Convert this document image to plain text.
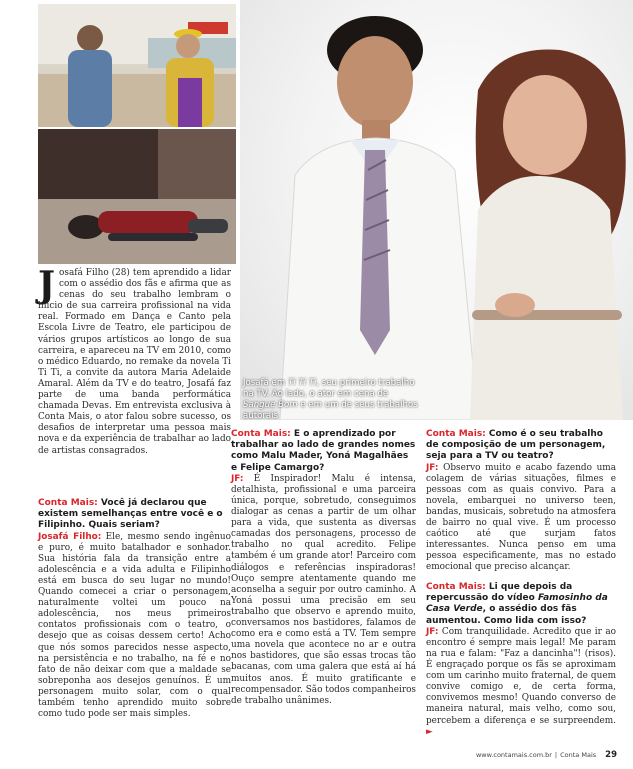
Josafá em Ti Ti Ti, seu primeiro trabalho na TV. Ao lado, o ator em cena de Sangue Bom e em um de seus trabalhos autorais

Josafá Filho (28) tem aprendido a lidar com o assédio dos fãs e afirma que as cenas do seu trabalho lembram o início de sua carreira profissional na vida real. Formado em Dança e Canto pela Escola Livre de Teatro, ele participou de vários grupos artísticos ao longo de sua carreira, e apareceu na TV em 2010, como o médico Eduardo, no remake da novela Ti Ti Ti, a convite da autora Maria Adelaide Amaral. Além da TV e do teatro, Josafá faz parte de uma banda performática chamada Devas. Em entrevista exclusiva à Conta Mais, o ator falou sobre sucesso, os desafios de interpretar uma pessoa mais nova e da experiência de trabalhar ao lado de artistas consagrados.

Conta Mais: Você já declarou que existem semelhanças entre você e o Filipinho. Quais seriam?

Josafá Filho: Ele, mesmo sendo ingênuo e puro, é muito batalhador e sonhador. Sua história fala da transição entre a adolescência e a vida adulta e Filipinho está em busca do seu lugar no mundo! Quando comecei a criar o personagem, naturalmente voltei um pouco na adolescência, nos meus primeiros contatos profissionais com o teatro, o desejo que as coisas dessem certo! Acho que nós somos parecidos nesse aspecto, na persistência e no trabalho, na fé e no fato de não deixar com que a maldade se sobreponha aos desejos genuínos. É um personagem muito solar, com o qual também tenho aprendido muito sobre como tudo pode ser mais simples.

Conta Mais: E o aprendizado por trabalhar ao lado de grandes nomes como Malu Mader, Yoná Magalhães e Felipe Camargo?

JF: É Inspirador! Malu é intensa, detalhista, profissional e uma parceira única, porque, sobretudo, conseguimos dialogar as cenas a partir de um olhar para a vida, que sustenta as diversas camadas dos personagens, processo de trabalho no qual acredito. Felipe também é um grande ator! Parceiro com diálogos e referências inspiradoras! Ouço sempre atentamente quando me aconselha a seguir por outro caminho. A Yoná possui uma precisão em seu trabalho que observo e aprendo muito, conversamos nos bastidores, falamos de como era e como está a TV. Tem sempre uma novela que acontece no ar e outra nos bastidores, que são essas trocas tão bacanas, com uma galera que está aí há muitos anos. É muito gratificante e recompensador. São todos companheiros de trabalho unânimes.

Conta Mais: Como é o seu trabalho de composição de um personagem, seja para a TV ou teatro?

JF: Observo muito e acabo fazendo uma colagem de várias situações, filmes e pessoas com as quais convivo. Para a novela, embarquei no universo teen, bandas, musicais, sobretudo na atmosfera de bairro no qual vive. É um processo caótico até que surjam fatos interessantes. Nunca penso em uma pessoa especificamente, mas no estado emocional que preciso alcançar.

Conta Mais: Li que depois da repercussão do vídeo Famosinho da Casa Verde, o assédio dos fãs aumentou. Como lida com isso?

JF: Com tranquilidade. Acredito que ir ao encontro é sempre mais legal! Me param na rua e falam: "Faz a dancinha"! (risos). É engraçado porque os fãs se aproximam com um carinho muito fraternal, de quem convive comigo e, de certa forma, convivemos mesmo! Quando converso de maneira natural, mais velho, como sou, percebem a diferença e se surpreendem. ►

www.contamais.com.br | Conta Mais 29
